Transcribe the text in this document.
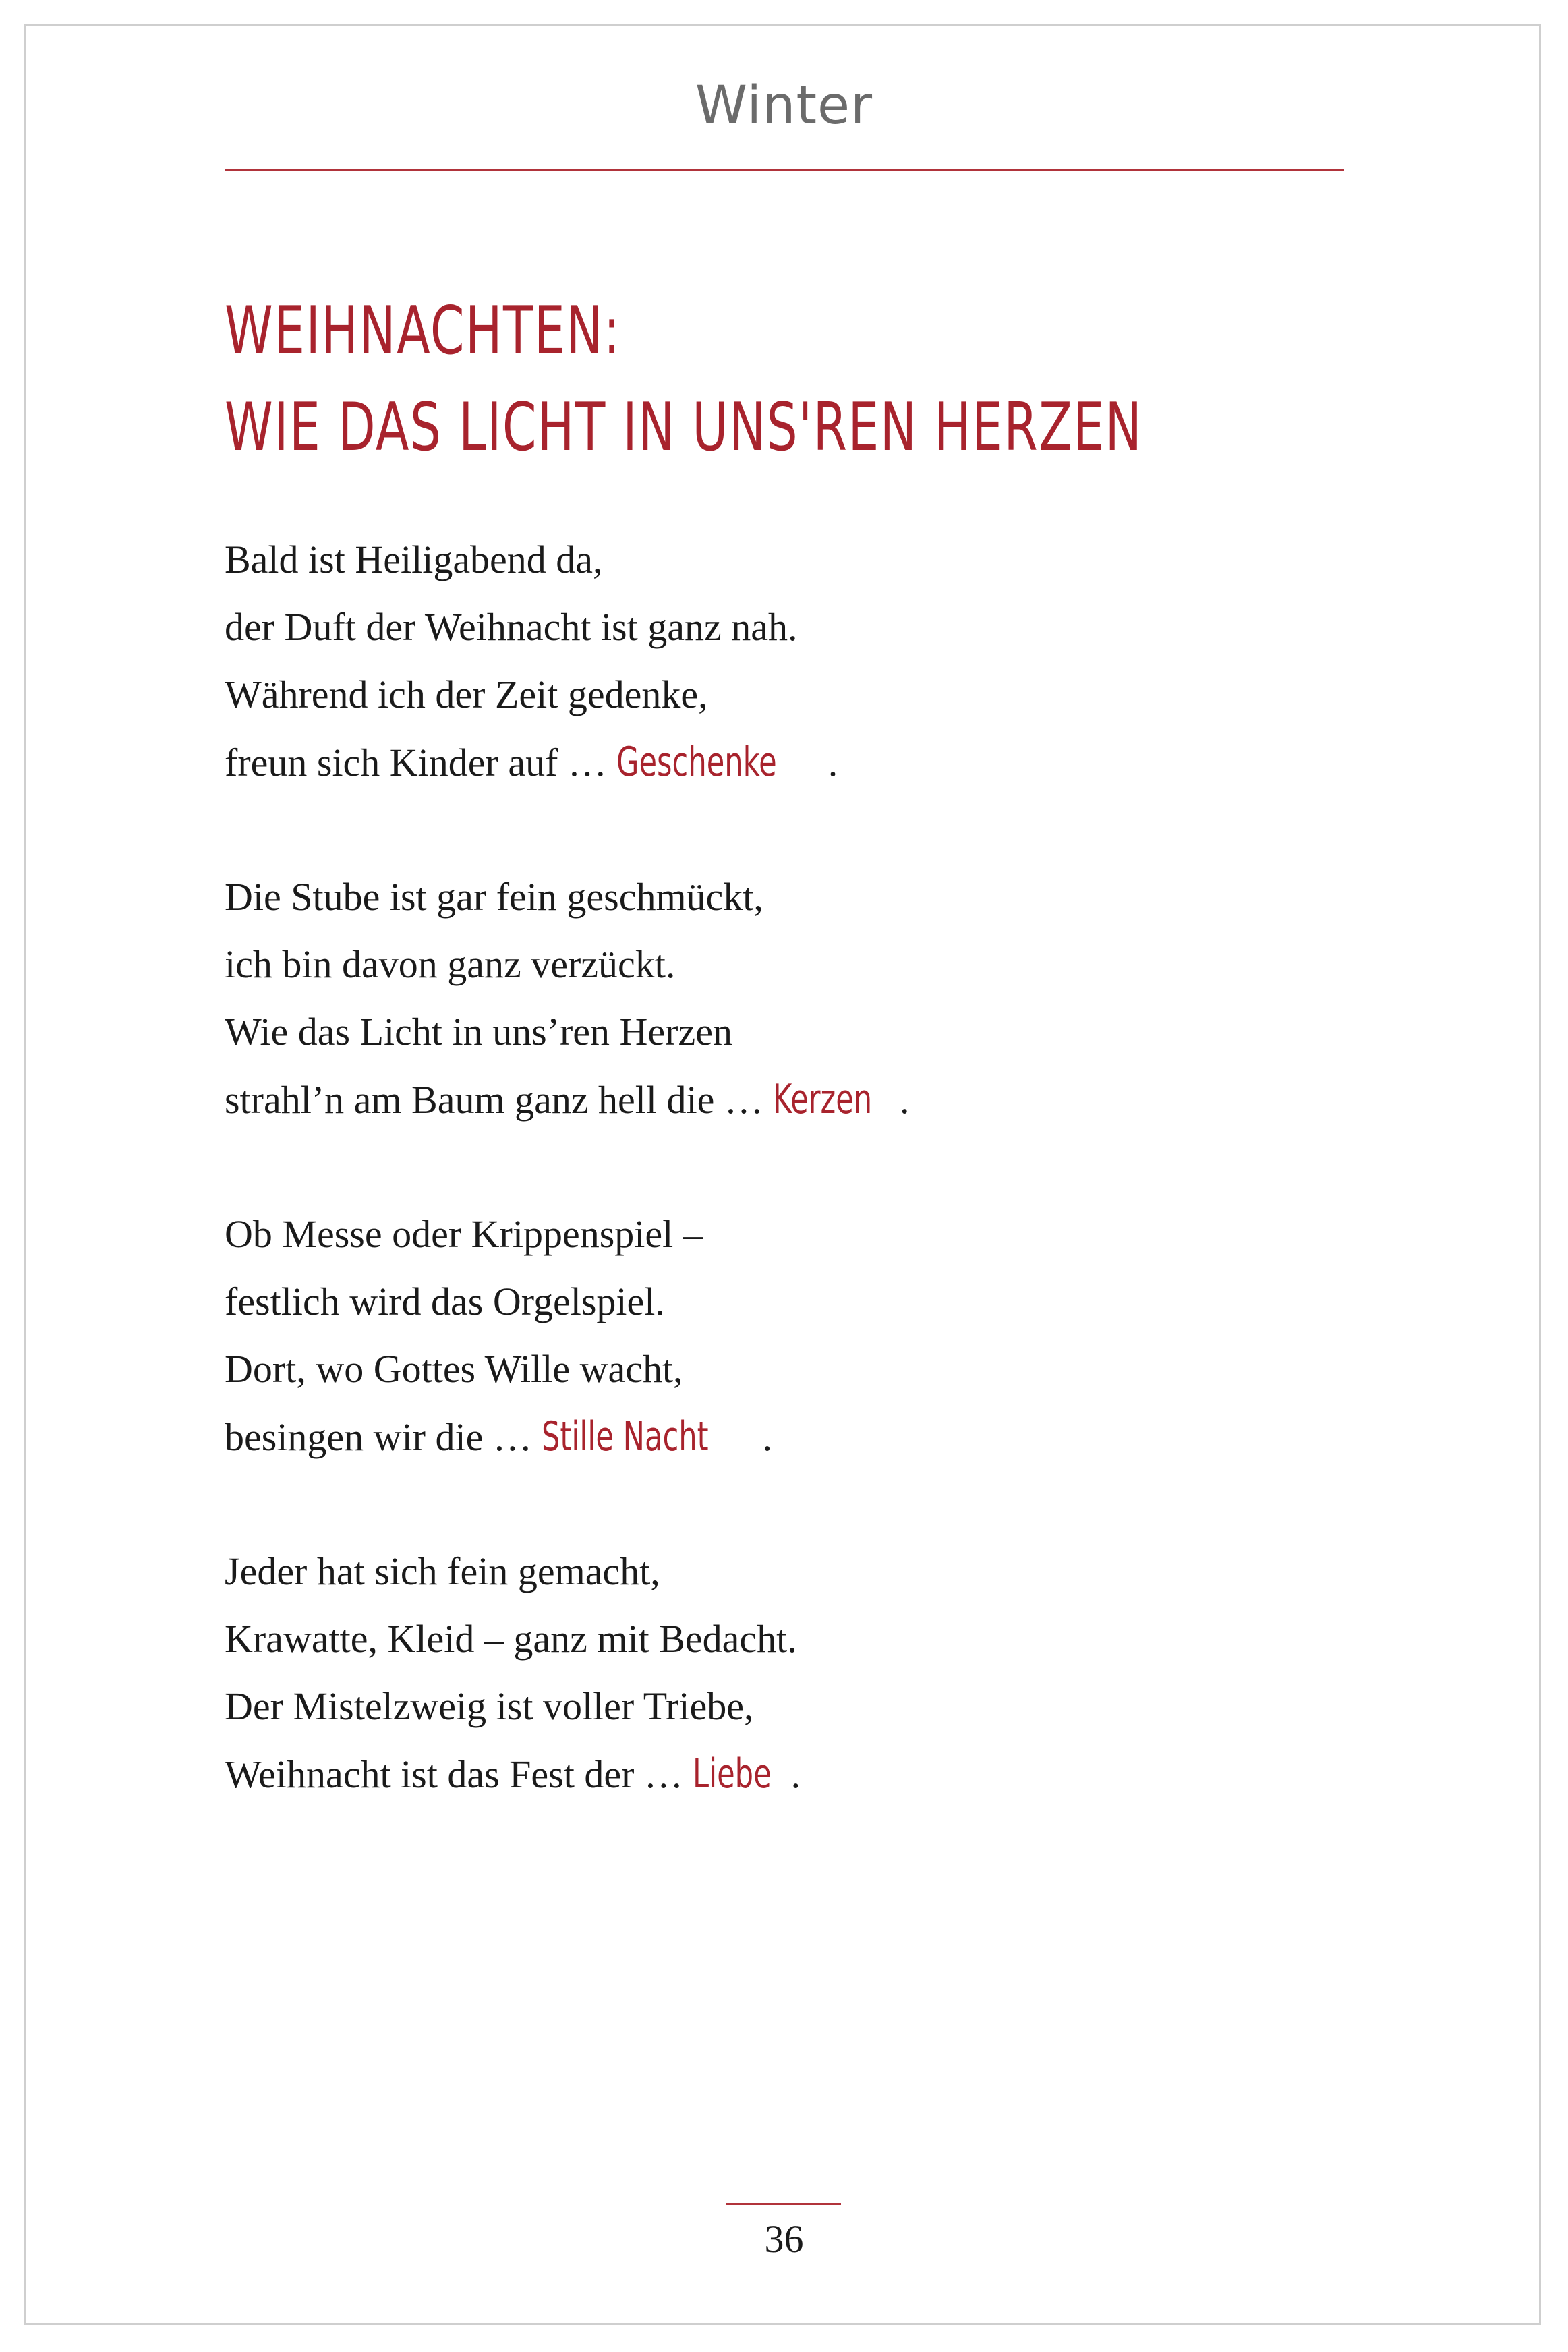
Winter
WEIHNACHTEN:
WIE DAS LICHT IN UNS'REN HERZEN
Bald ist Heiligabend da,
der Duft der Weihnacht ist ganz nah.
Während ich der Zeit gedenke,
freun sich Kinder auf … Geschenke .
Die Stube ist gar fein geschmückt,
ich bin davon ganz verzückt.
Wie das Licht in uns’ren Herzen
strahl’n am Baum ganz hell die … Kerzen .
Ob Messe oder Krippenspiel –
festlich wird das Orgelspiel.
Dort, wo Gottes Wille wacht,
besingen wir die … Stille Nacht .
Jeder hat sich fein gemacht,
Krawatte, Kleid – ganz mit Bedacht.
Der Mistelzweig ist voller Triebe,
Weihnacht ist das Fest der … Liebe .
36
